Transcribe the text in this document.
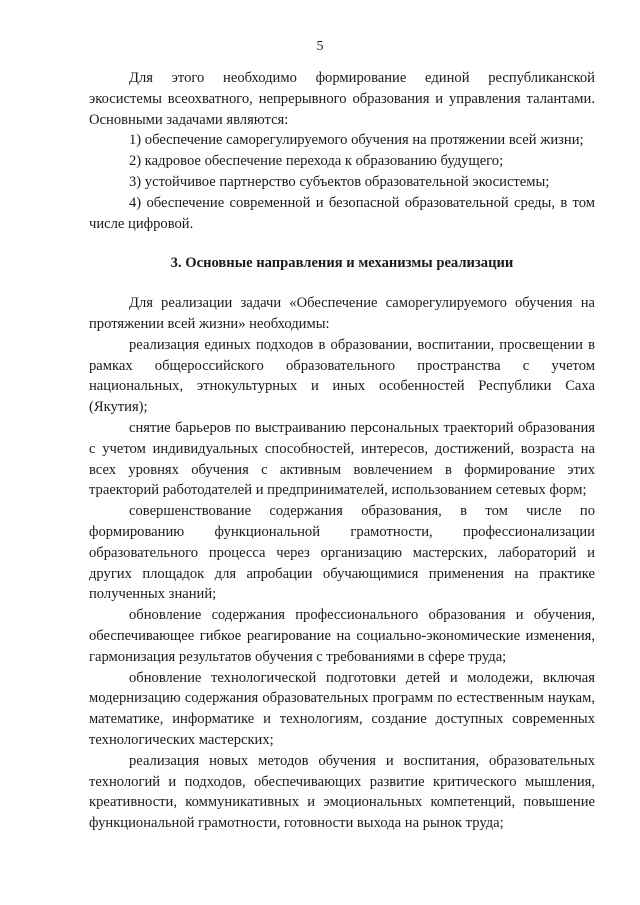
5

Для этого необходимо формирование единой республиканской экосистемы всеохватного, непрерывного образования и управления талантами. Основными задачами являются:

1) обеспечение саморегулируемого обучения на протяжении всей жизни;

2) кадровое обеспечение перехода к образованию будущего;

3) устойчивое партнерство субъектов образовательной экосистемы;

4) обеспечение современной и безопасной образовательной среды, в том числе цифровой.

3. Основные направления и механизмы реализации

Для реализации задачи «Обеспечение саморегулируемого обучения на протяжении всей жизни» необходимы:

реализация единых подходов в образовании, воспитании, просвещении в рамках общероссийского образовательного пространства с учетом национальных, этнокультурных и иных особенностей Республики Саха (Якутия);

снятие барьеров по выстраиванию персональных траекторий образования с учетом индивидуальных способностей, интересов, достижений, возраста на всех уровнях обучения с активным вовлечением в формирование этих траекторий работодателей и предпринимателей, использованием сетевых форм;

совершенствование содержания образования, в том числе по формированию функциональной грамотности, профессионализации образовательного процесса через организацию мастерских, лабораторий и других площадок для апробации обучающимися применения на практике полученных знаний;

обновление содержания профессионального образования и обучения, обеспечивающее гибкое реагирование на социально-экономические изменения, гармонизация результатов обучения с требованиями в сфере труда;

обновление технологической подготовки детей и молодежи, включая модернизацию содержания образовательных программ по естественным наукам, математике, информатике и технологиям, создание доступных современных технологических мастерских;

реализация новых методов обучения и воспитания, образовательных технологий и подходов, обеспечивающих развитие критического мышления, креативности, коммуникативных и эмоциональных компетенций, повышение функциональной грамотности, готовности выхода на рынок труда;
